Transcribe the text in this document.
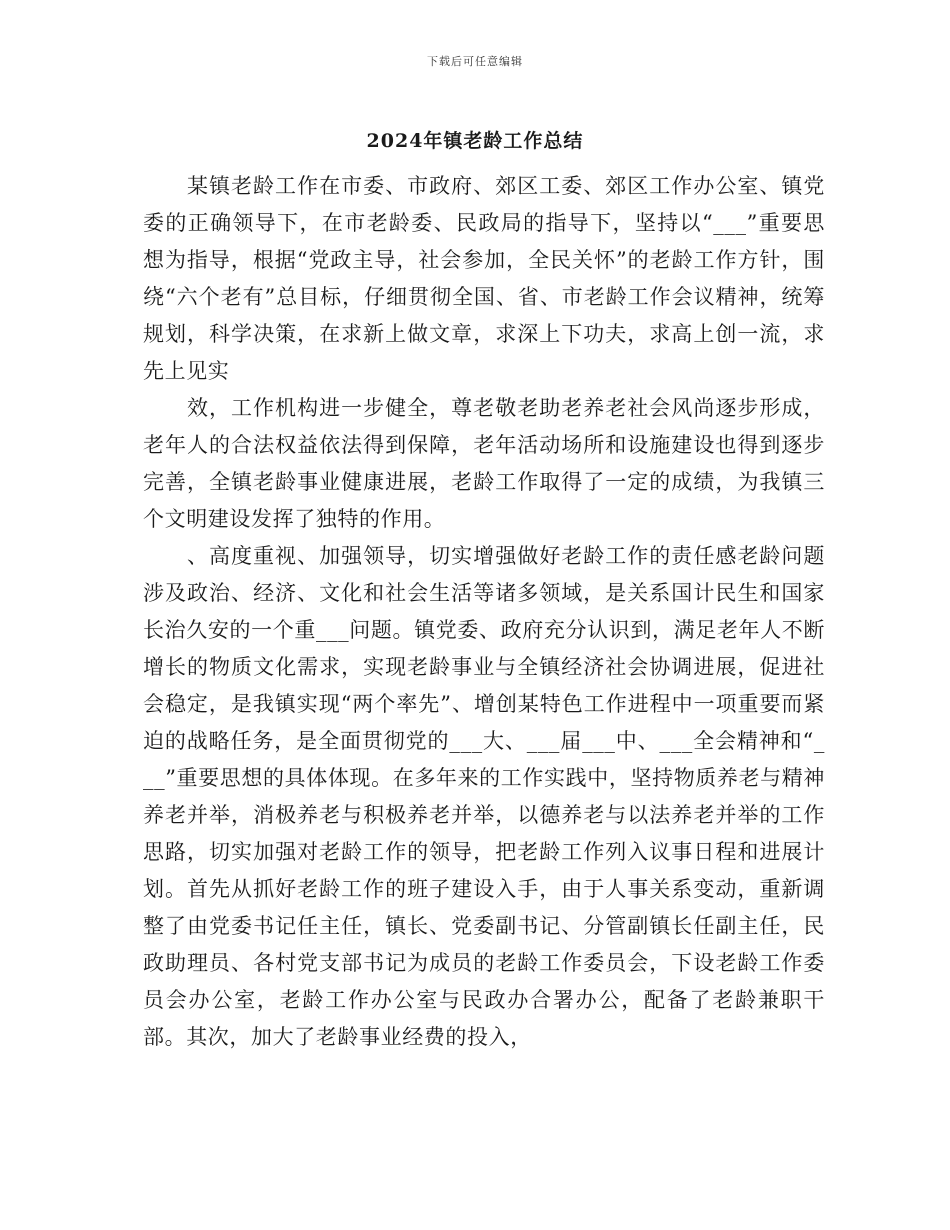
下载后可任意编辑
2024年镇老龄工作总结

某镇老龄工作在市委、市政府、郊区工委、郊区工作办公室、镇党委的正确领导下，在市老龄委、民政局的指导下，坚持以“___”重要思想为指导，根据“党政主导，社会参加，全民关怀”的老龄工作方针，围绕“六个老有”总目标，仔细贯彻全国、省、市老龄工作会议精神，统筹规划，科学决策，在求新上做文章，求深上下功夫，求高上创一流，求先上见实

效，工作机构进一步健全，尊老敬老助老养老社会风尚逐步形成，老年人的合法权益依法得到保障，老年活动场所和设施建设也得到逐步完善，全镇老龄事业健康进展，老龄工作取得了一定的成绩，为我镇三个文明建设发挥了独特的作用。

、高度重视、加强领导，切实增强做好老龄工作的责任感老龄问题涉及政治、经济、文化和社会生活等诸多领域，是关系国计民生和国家长治久安的一个重___问题。镇党委、政府充分认识到，满足老年人不断增长的物质文化需求，实现老龄事业与全镇经济社会协调进展，促进社会稳定，是我镇实现“两个率先”、增创某特色工作进程中一项重要而紧迫的战略任务，是全面贯彻党的___大、___届___中、___全会精神和“___”重要思想的具体体现。在多年来的工作实践中，坚持物质养老与精神养老并举，消极养老与积极养老并举，以德养老与以法养老并举的工作思路，切实加强对老龄工作的领导，把老龄工作列入议事日程和进展计划。首先从抓好老龄工作的班子建设入手，由于人事关系变动，重新调整了由党委书记任主任，镇长、党委副书记、分管副镇长任副主任，民政助理员、各村党支部书记为成员的老龄工作委员会，下设老龄工作委员会办公室，老龄工作办公室与民政办合署办公，配备了老龄兼职干部。其次，加大了老龄事业经费的投入，
